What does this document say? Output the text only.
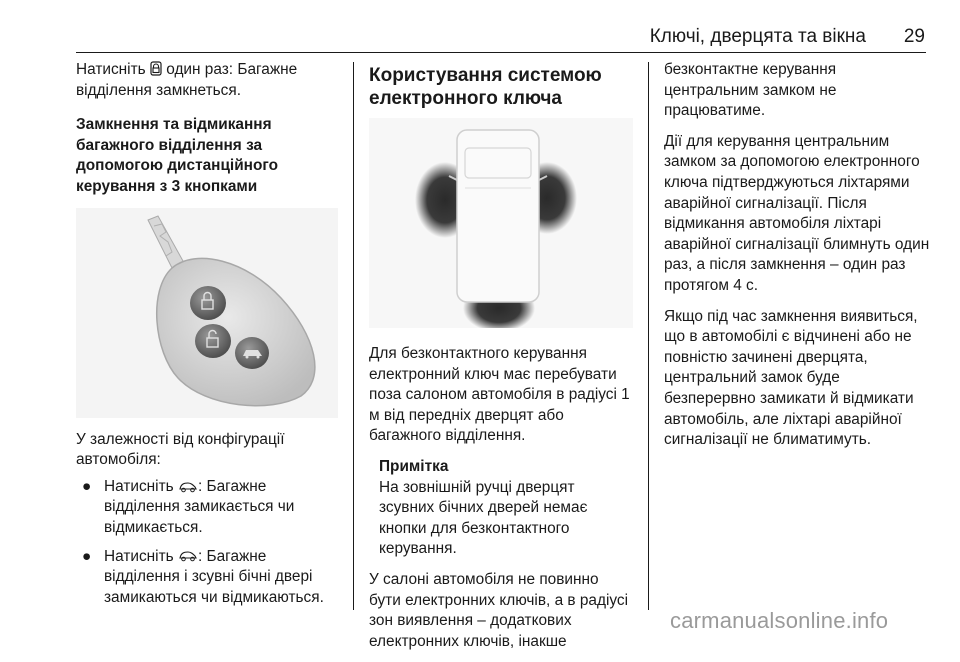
Ключі, дверцята та вікна	29

Натисніть  один раз: Багажне відділення замкнеться.

Замкнення та відмикання багажного відділення за допомогою дистанційного керування з 3 кнопками

У залежності від конфігурації автомобіля:

● Натисніть : Багажне відділення замикається чи відмикається.
● Натисніть : Багажне відділення і зсувні бічні двері замикаються чи відмикаються.
Користування системою електронного ключа

Для безконтактного керування електронний ключ має перебувати поза салоном автомобіля в радіусі 1 м від передніх дверцят або багажного відділення.

Примітка
На зовнішній ручці дверцят зсувних бічних дверей немає кнопки для безконтактного керування.

У салоні автомобіля не повинно бути електронних ключів, а в радіусі зон виявлення – додаткових електронних ключів, інакше

безконтактне керування центральним замком не працюватиме.

Дії для керування центральним замком за допомогою електронного ключа підтверджуються ліхтарями аварійної сигналізації. Після відмикання автомобіля ліхтарі аварійної сигналізації блимнуть один раз, а після замкнення – один раз протягом 4 с.

Якщо під час замкнення виявиться, що в автомобілі є відчинені або не повністю зачинені дверцята, центральний замок буде безперервно замикати й відмикати автомобіль, але ліхтарі аварійної сигналізації не блиматимуть.

carmanualsonline.info
